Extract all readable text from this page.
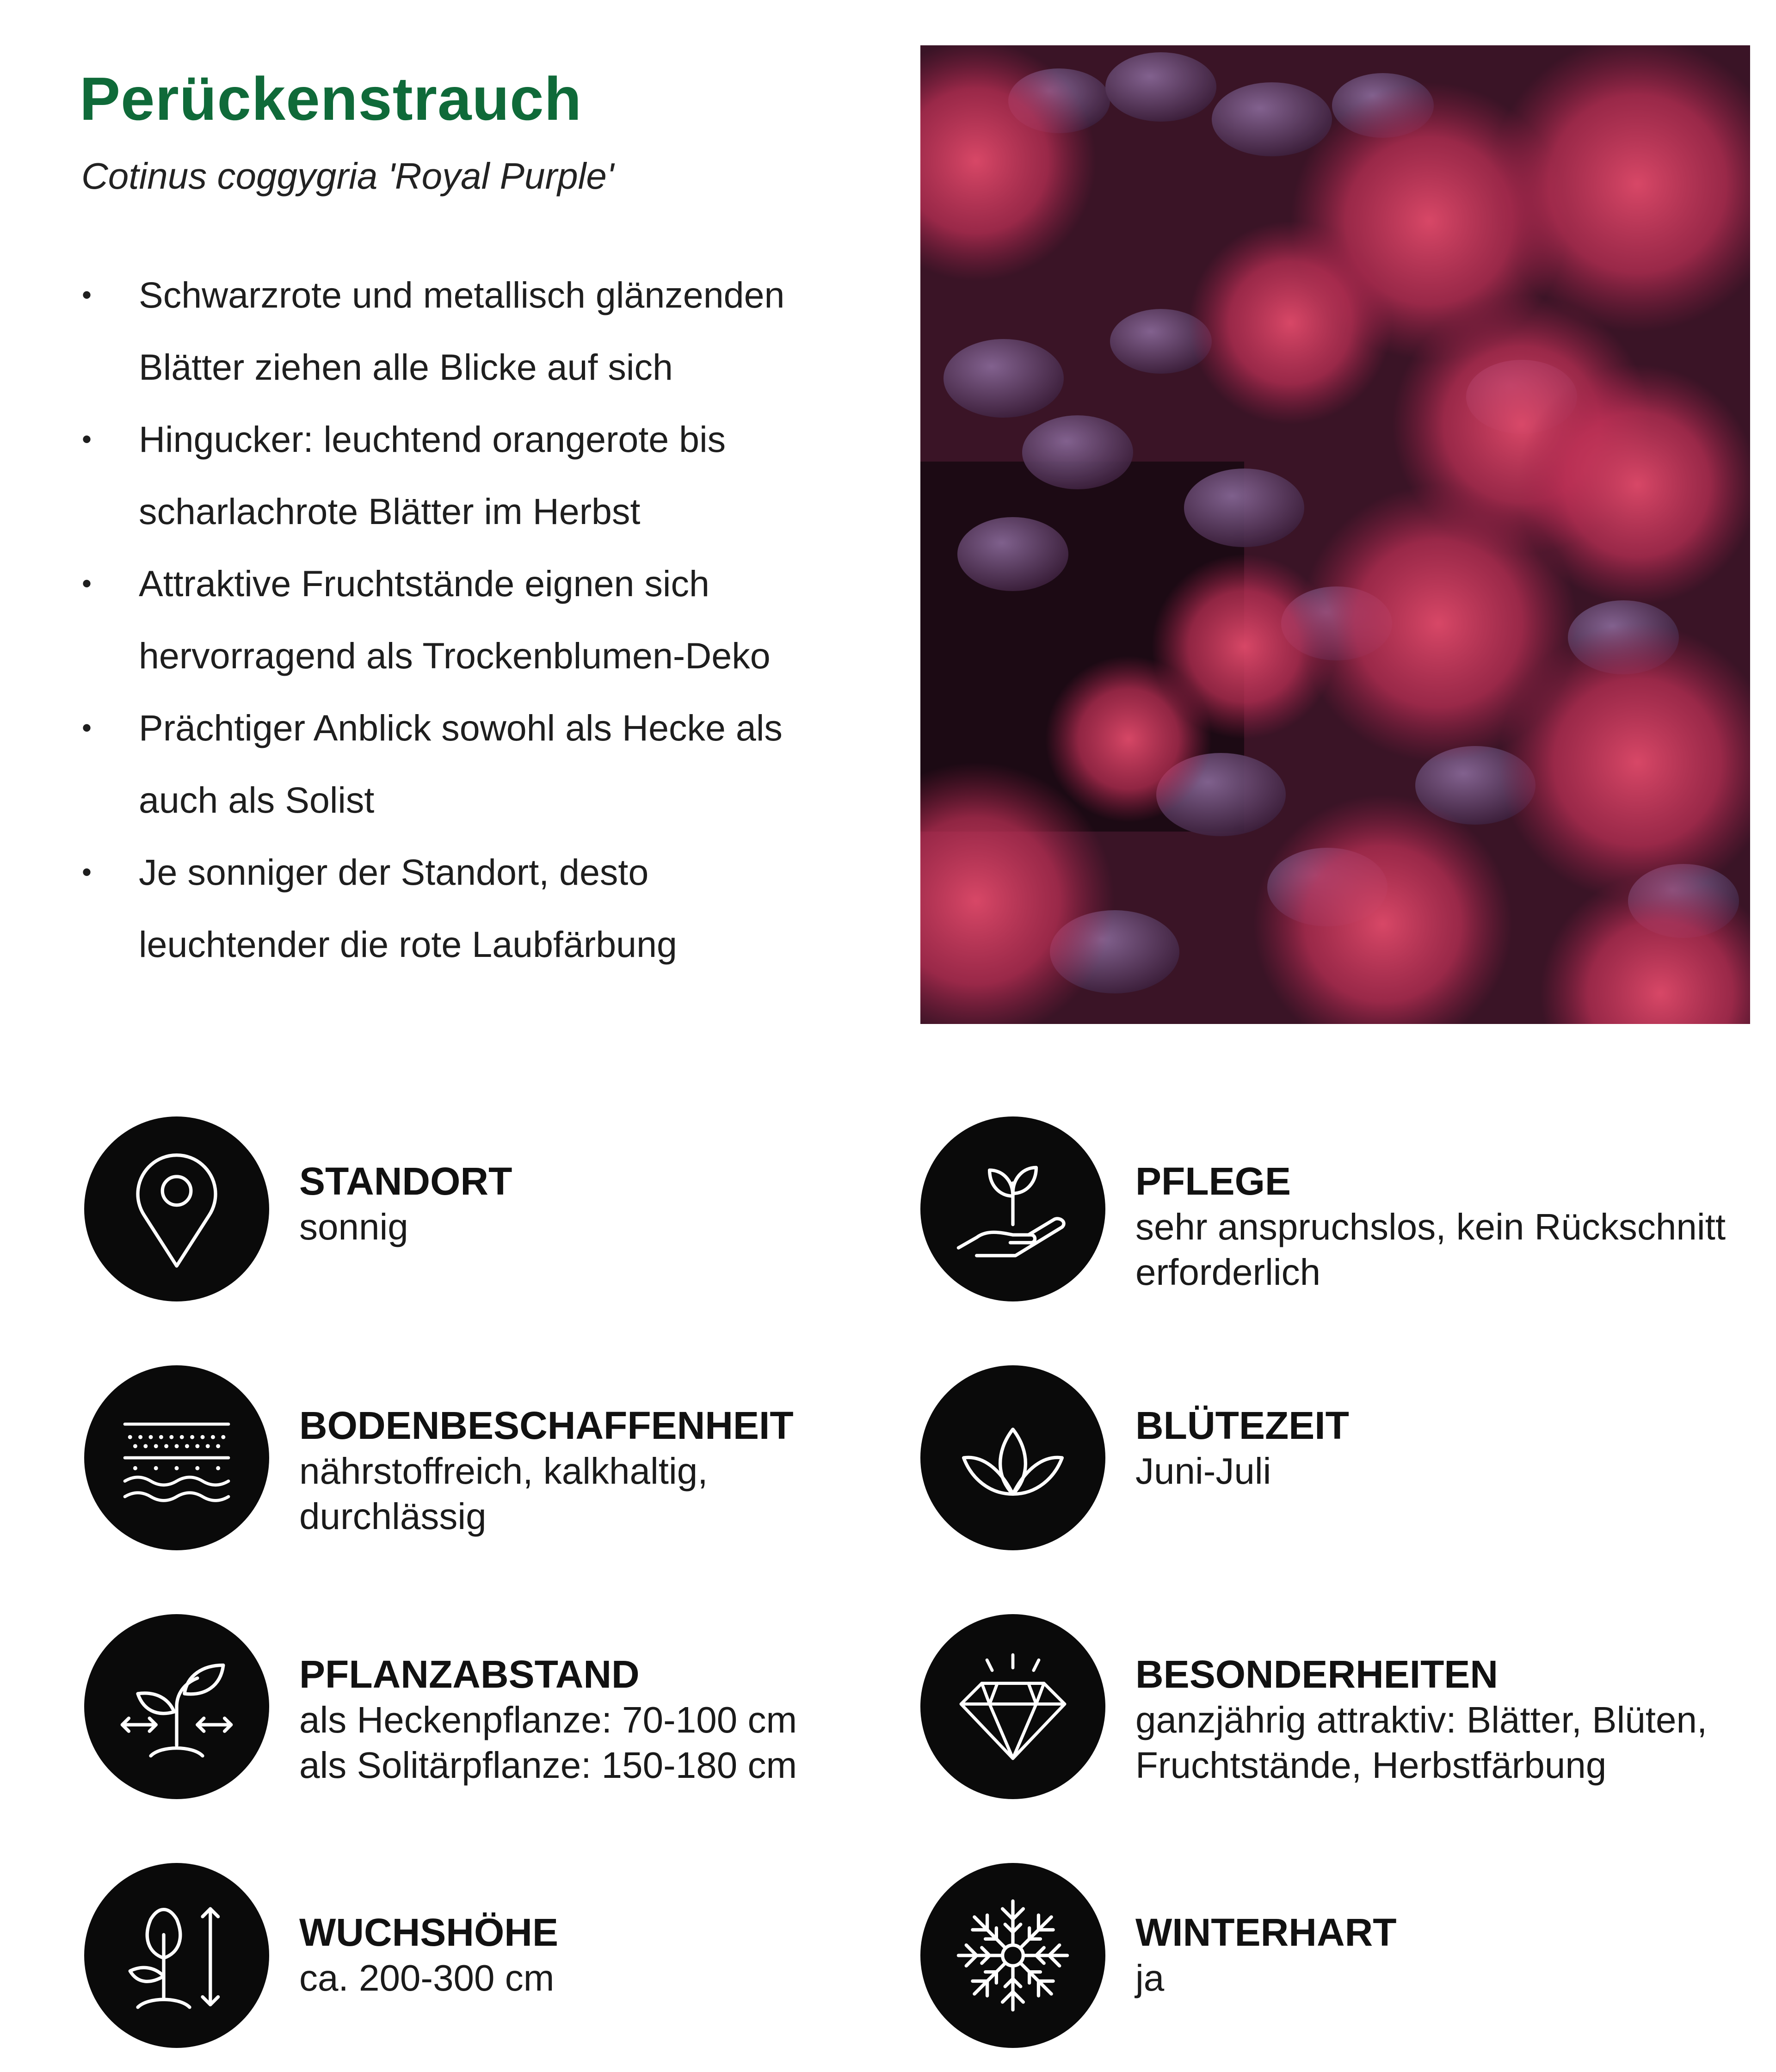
Perückenstrauch
Cotinus coggygria 'Royal Purple'
• Schwarzrote und metallisch glänzenden
Blätter ziehen alle Blicke auf sich
• Hingucker: leuchtend orangerote bis
scharlachrote Blätter im Herbst
• Attraktive Fruchtstände eignen sich
hervorragend als Trockenblumen-Deko
• Prächtiger Anblick sowohl als Hecke als
auch als Solist
• Je sonniger der Standort, desto
leuchtender die rote Laubfärbung
STANDORT
sonnig
PFLEGE
sehr anspruchslos, kein Rückschnitt
erforderlich
BODENBESCHAFFENHEIT
nährstoffreich, kalkhaltig,
durchlässig
BLÜTEZEIT
Juni-Juli
PFLANZABSTAND
als Heckenpflanze: 70-100 cm
als Solitärpflanze: 150-180 cm
BESONDERHEITEN
ganzjährig attraktiv: Blätter, Blüten,
Fruchtstände, Herbstfärbung
WUCHSHÖHE
ca. 200-300 cm
WINTERHART
ja
